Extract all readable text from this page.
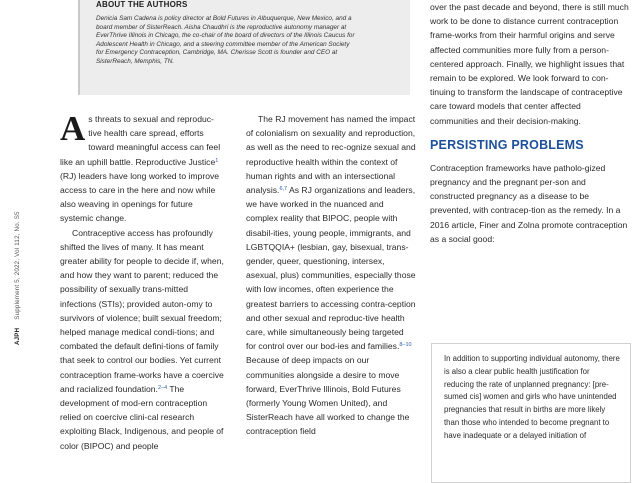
ABOUT THE AUTHORS

Denicia Sam Cadena is policy director at Bold Futures in Albuquerque, New Mexico, and a

board member of SisterReach. Aisha Chaudhri is the reproductive autonomy manager at

EverThrive Illinois in Chicago, the co-chair of the board of directors of the Illinois Caucus for

Adolescent Health in Chicago, and a steering committee member of the American Society

for Emergency Contraception, Cambridge, MA. Cherisse Scott is founder and CEO at

SisterReach, Memphis, TN.

AJPHSupplement 5, 2022, Vol 112, No. S5

As threats to sexual and reproduc-tive health care spread, efforts toward meaningful access can feel like an uphill battle. Reproductive Justice$^1$ (RJ) leaders have long worked to improve access to care in the here and now while also weaving in openings for future systemic change.

Contraceptive access has profoundly shifted the lives of many. It has meant greater ability for people to decide if, when, and how they want to parent; reduced the possibility of sexually trans-mitted infections (STIs); provided auton-omy to survivors of violence; built sexual freedom; helped manage medical condi-tions; and combated the default defini-tions of family that seek to control our bodies. Yet current contraception frame-works have a coercive and racialized foundation.$^{2-4}$ The development of mod-ern contraception relied on coercive clini-cal research exploiting Black, Indigenous, and people of color (BIPOC) and people

The RJ movement has named the impact of colonialism on sexuality and reproduction, as well as the need to rec-ognize sexual and reproductive health within the context of human rights and with an intersectional analysis.$^{6,7}$ As RJ organizations and leaders, we have worked in the nuanced and complex reality that BIPOC, people with disabil-ities, young people, immigrants, and LGBTQQIA+ (lesbian, gay, bisexual, trans-gender, queer, questioning, intersex, asexual, plus) communities, especially those with low incomes, often experience the greatest barriers to accessing contra-ception and other sexual and reproduc-tive health care, while simultaneously being targeted for control over our bod-ies and families.$^{8-10}$ Because of deep impacts on our communities alongside a desire to move forward, EverThrive Illinois, Bold Futures (formerly Young Women United), and SisterReach have all worked to change the contraception field

over the past decade and beyond, there is still much work to be done to distance current contraception frame-works from their harmful origins and serve affected communities more fully from a person-centered approach. Finally, we highlight issues that remain to be explored. We look forward to con-tinuing to transform the landscape of contraceptive care toward models that center affected communities and their decision-making.

PERSISTING PROBLEMS

Contraception frameworks have patholo-gized pregnancy and the pregnant per-son and constructed pregnancy as a disease to be prevented, with contracep-tion as the remedy. In a 2016 article, Finer and Zolna promote contraception as a social good:

In addition to supporting individual autonomy, there is also a clear public health justification for reducing the rate of unplanned pregnancy: [pre-sumed cis] women and girls who have unintended pregnancies that result in births are more likely than those who intended to become pregnant to have inadequate or a delayed initiation of
